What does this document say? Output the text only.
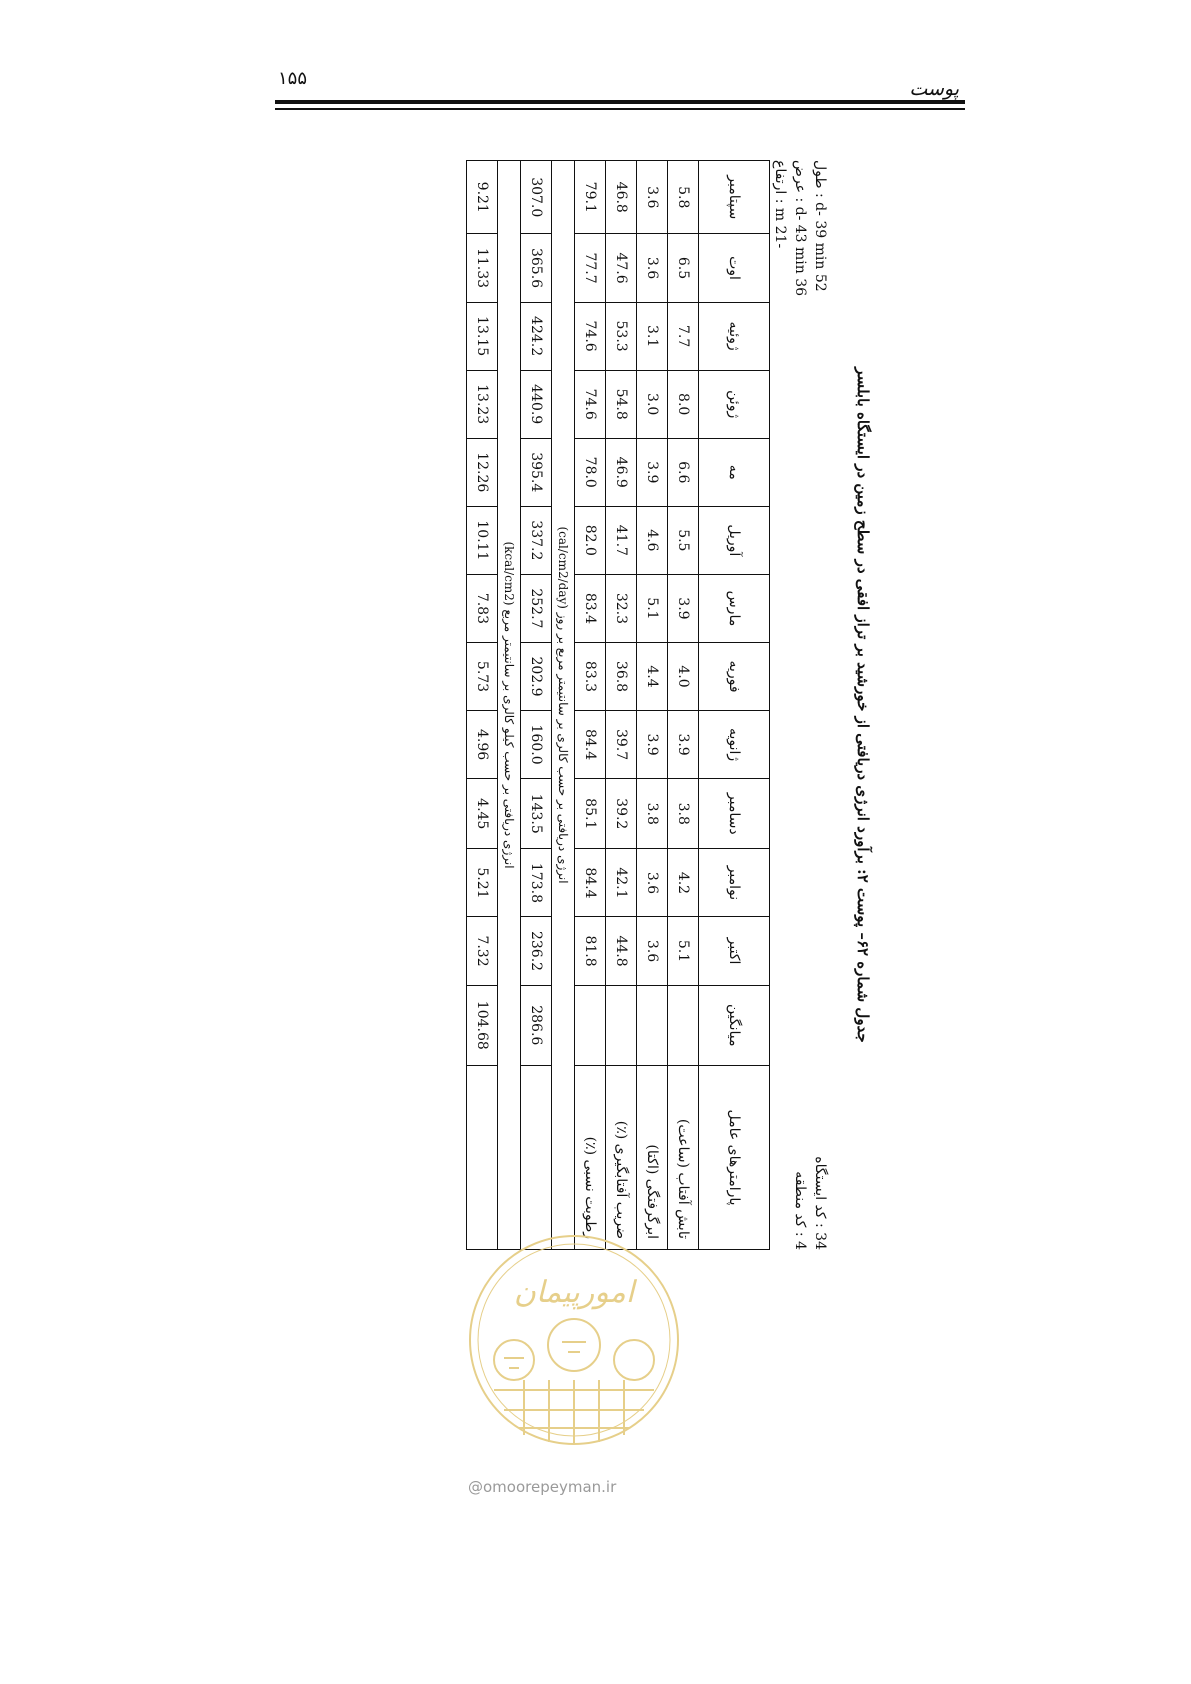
۱۵۵	پوست
جدول شماره ۶۲– پوست ۲: برآورد انرژی دریافتی از خورشید بر تراز افقی در سطح زمین در ایستگاه بابلسر
34 : کد ایستگاه
4 : کد منطقه
52 d- 39 min : طول
36 d- 43 min : عرض
-21 m : ارتفاع
پارامترهای عامل	میانگین	اکتبر	نوامبر	دسامبر	ژانویه	فوریه	مارس	آوریل	مه	ژوئن	ژوئیه	اوت	سپتامبر
تابش آفتاب (ساعت)		5.1	4.2	3.8	3.9	4.0	3.9	5.5	6.6	8.0	7.7	6.5	5.8
ابرگرفتگی (اکتا)		3.6	3.6	3.8	3.9	4.4	5.1	4.6	3.9	3.0	3.1	3.6	3.6
ضریب آفتابگیری (٪)		44.8	42.1	39.2	39.7	36.8	32.3	41.7	46.9	54.8	53.3	47.6	46.8
رطوبت نسبی (٪)		81.8	84.4	85.1	84.4	83.3	83.4	82.0	78.0	74.6	74.6	77.7	79.1
انرژی دریافتی بر حسب کالری بر سانتیمتر مربع بر روز (cal/cm2/day)													
	286.6	236.2	173.8	143.5	160.0	202.9	252.7	337.2	395.4	440.9	424.2	365.6	307.0
انرژی دریافتی بر حسب کیلو کالری بر سانتیمتر مربع (kcal/cm2)													
	104.68	7.32	5.21	4.45	4.96	5.73	7.83	10.11	12.26	13.23	13.15	11.33	9.21
امورپیمان
@omoorepeyman.ir
